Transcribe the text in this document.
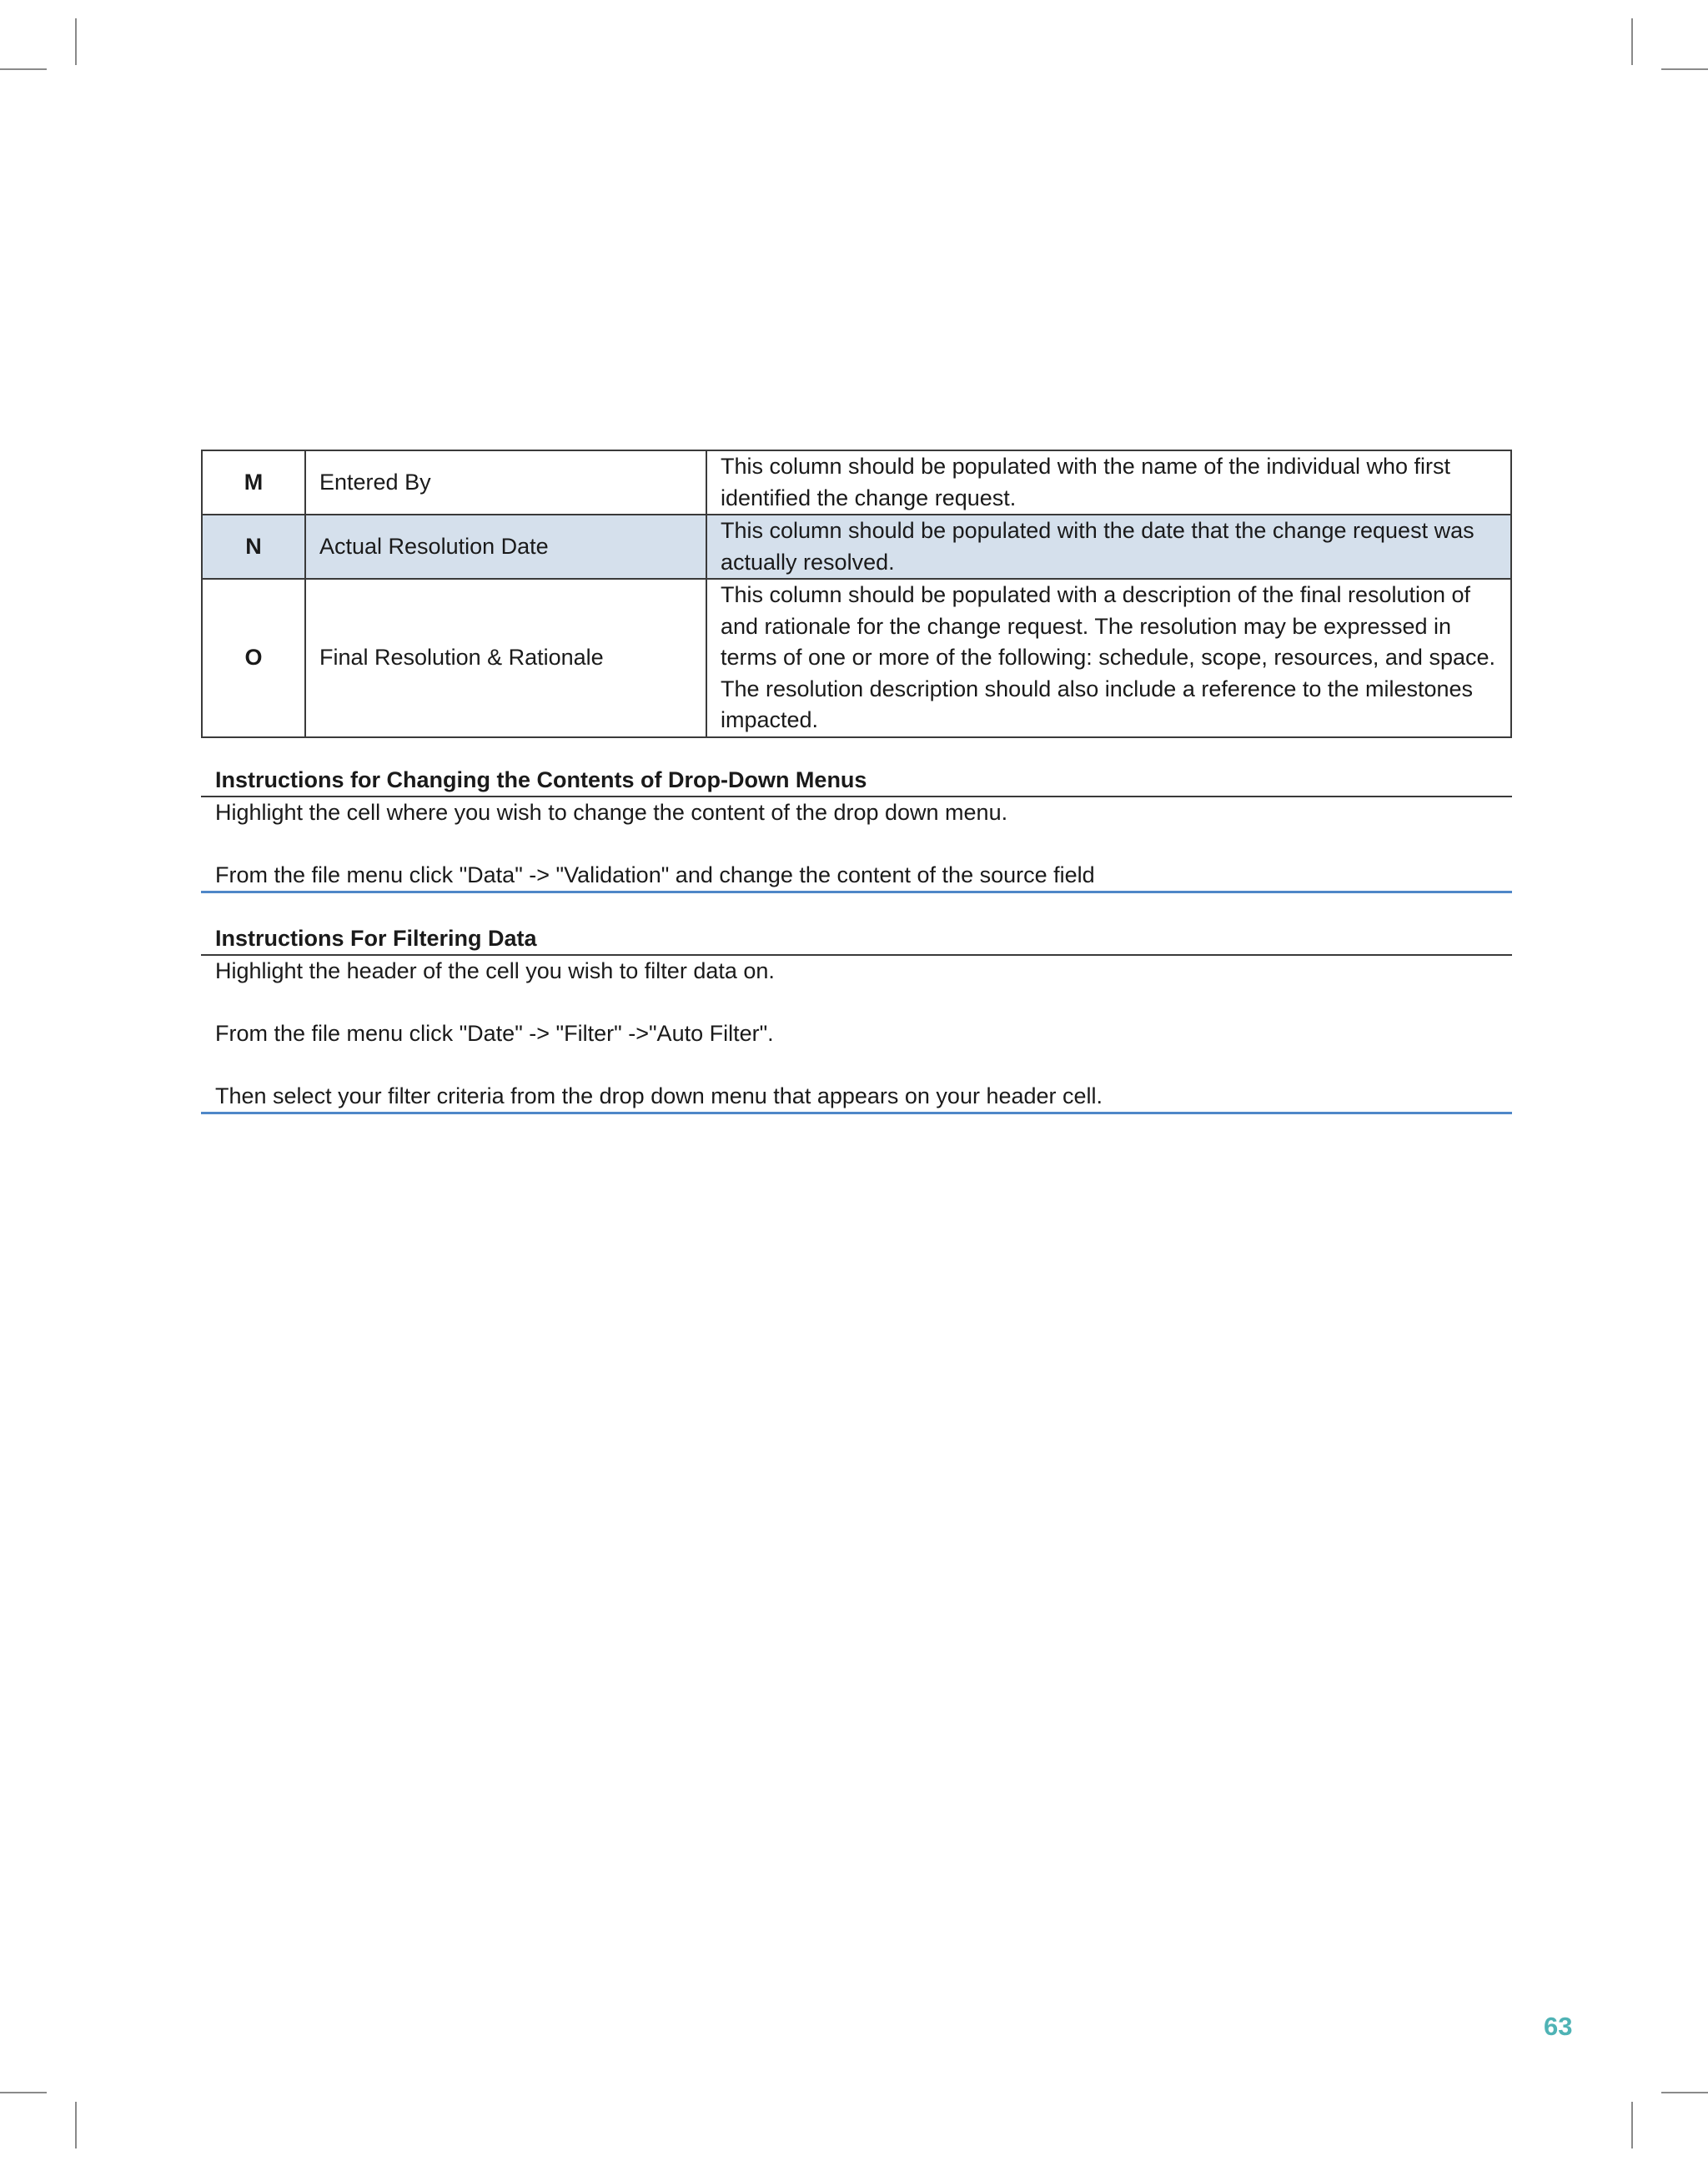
M	Entered By	This column should be populated with the name of the individual who first identified the change request.
N	Actual Resolution Date	This column should be populated with the date that the change request was actually resolved.
O	Final Resolution & Rationale	This column should be populated with a description of the final resolution of and rationale for the change request. The resolution may be expressed in terms of one or more of the following: schedule, scope, resources, and space. The resolution description should also include a reference to the milestones impacted.
Instructions for Changing the Contents of Drop-Down Menus

Highlight the cell where you wish to change the content of the drop down menu.

From the file menu click "Data" -> "Validation" and change the content of the source field

Instructions For Filtering Data

Highlight the header of the cell you wish to filter data on.

From the file menu click "Date" -> "Filter" ->"Auto Filter".

Then select your filter criteria from the drop down menu that appears on your header cell.

63
